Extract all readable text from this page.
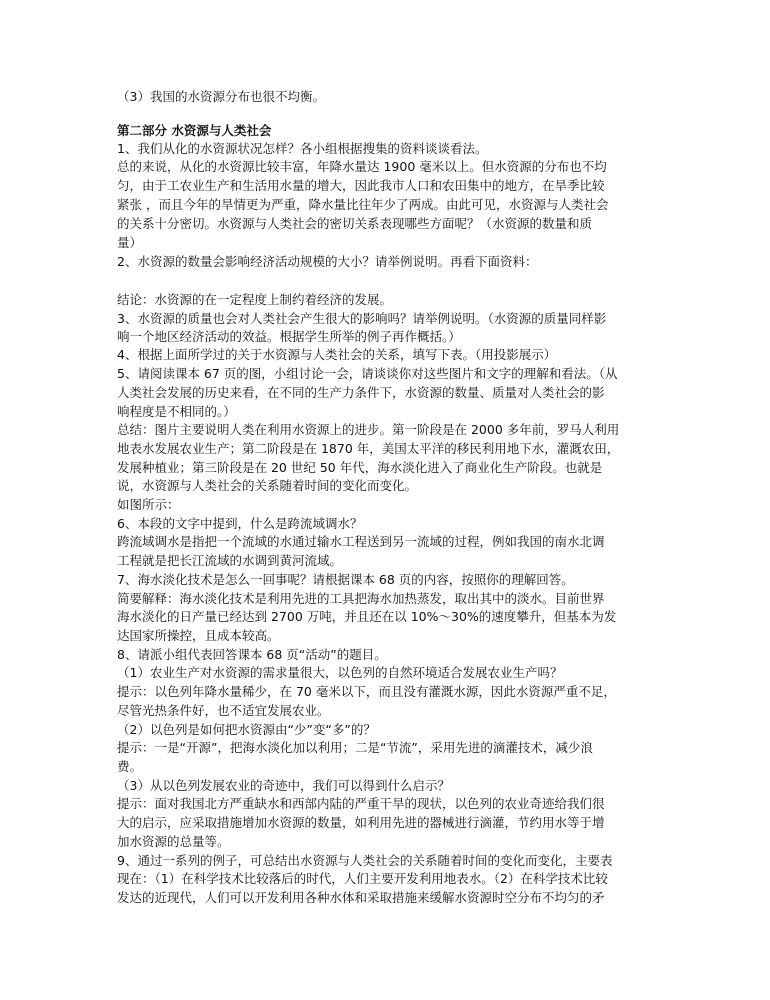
（3）我国的水资源分布也很不均衡。
第二部分 水资源与人类社会
1、我们从化的水资源状况怎样？各小组根据搜集的资料谈谈看法。
总的来说，从化的水资源比较丰富，年降水量达 1900 毫米以上。但水资源的分布也不均
匀，由于工农业生产和生活用水量的增大，因此我市人口和农田集中的地方，在旱季比较
紧张 ，而且今年的旱情更为严重，降水量比往年少了两成。由此可见，水资源与人类社会
的关系十分密切。水资源与人类社会的密切关系表现哪些方面呢？（水资源的数量和质
量）
2、水资源的数量会影响经济活动规模的大小？请举例说明。再看下面资料：
结论：水资源的在一定程度上制约着经济的发展。
3、水资源的质量也会对人类社会产生很大的影响吗？请举例说明。（水资源的质量同样影
响一个地区经济活动的效益。根据学生所举的例子再作概括。）
4、根据上面所学过的关于水资源与人类社会的关系，填写下表。（用投影展示）
5、请阅读课本 67 页的图，小组讨论一会，请谈谈你对这些图片和文字的理解和看法。（从
人类社会发展的历史来看，在不同的生产力条件下，水资源的数量、质量对人类社会的影
响程度是不相同的。）
总结：图片主要说明人类在利用水资源上的进步。第一阶段是在 2000 多年前，罗马人利用
地表水发展农业生产；第二阶段是在 1870 年，美国太平洋的移民利用地下水，灌溉农田，
发展种植业；第三阶段是在 20 世纪 50 年代，海水淡化进入了商业化生产阶段。也就是
说，水资源与人类社会的关系随着时间的变化而变化。
如图所示：
6、本段的文字中提到，什么是跨流域调水？
跨流域调水是指把一个流域的水通过输水工程送到另一流域的过程，例如我国的南水北调
工程就是把长江流域的水调到黄河流域。
7、海水淡化技术是怎么一回事呢？请根据课本 68 页的内容，按照你的理解回答。
简要解释：海水淡化技术是利用先进的工具把海水加热蒸发，取出其中的淡水。目前世界
海水淡化的日产量已经达到 2700 万吨，并且还在以 10%～30%的速度攀升，但基本为发
达国家所操控，且成本较高。
8、请派小组代表回答课本 68 页“活动”的题目。
（1）农业生产对水资源的需求量很大，以色列的自然环境适合发展农业生产吗？
提示：以色列年降水量稀少，在 70 毫米以下，而且没有灌溉水源，因此水资源严重不足，
尽管光热条件好，也不适宜发展农业。
（2）以色列是如何把水资源由“少”变“多”的？
提示：一是“开源”，把海水淡化加以利用；二是“节流”，采用先进的滴灌技术，减少浪
费。
（3）从以色列发展农业的奇迹中，我们可以得到什么启示？
提示：面对我国北方严重缺水和西部内陆的严重干旱的现状，以色列的农业奇迹给我们很
大的启示，应采取措施增加水资源的数量，如利用先进的器械进行滴灌，节约用水等于增
加水资源的总量等。
9、通过一系列的例子，可总结出水资源与人类社会的关系随着时间的变化而变化，主要表
现在：（1）在科学技术比较落后的时代，人们主要开发利用地表水。（2）在科学技术比较
发达的近现代，人们可以开发利用各种水体和采取措施来缓解水资源时空分布不均匀的矛
